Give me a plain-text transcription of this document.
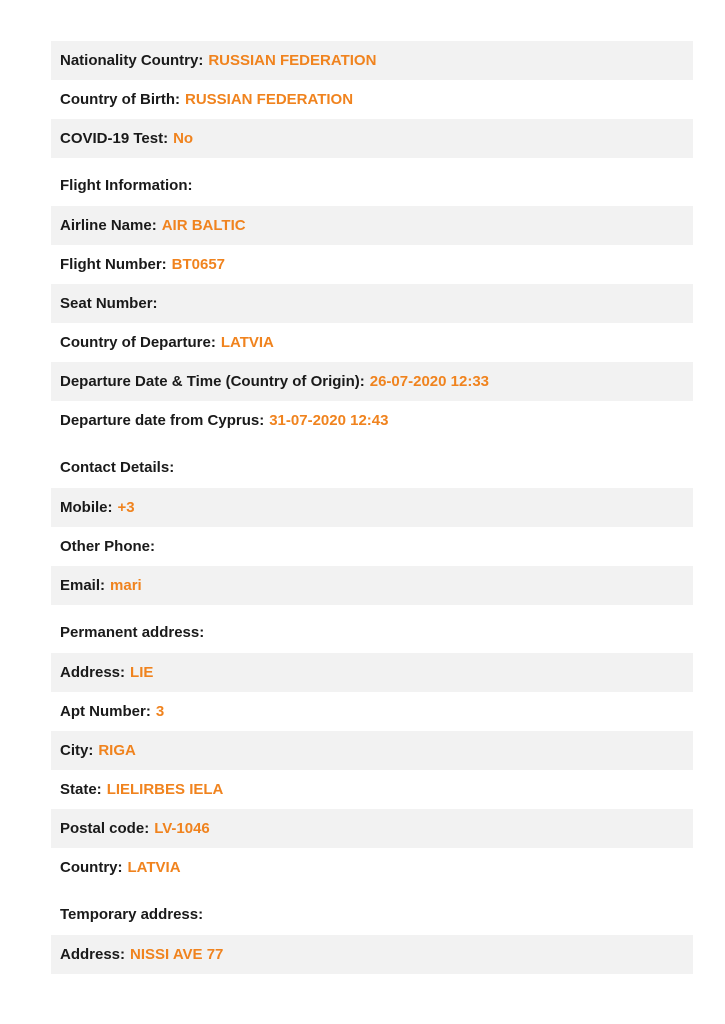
Nationality Country: RUSSIAN FEDERATION
Country of Birth: RUSSIAN FEDERATION
COVID-19 Test: No
Flight Information:
Airline Name: AIR BALTIC
Flight Number: BT0657
Seat Number:
Country of Departure: LATVIA
Departure Date & Time (Country of Origin): 26-07-2020 12:33
Departure date from Cyprus: 31-07-2020 12:43
Contact Details:
Mobile: +3
Other Phone:
Email: mari
Permanent address:
Address: LIE
Apt Number: 3
City: RIGA
State: LIELIRBES IELA
Postal code: LV-1046
Country: LATVIA
Temporary address:
Address: NISSI AVE 77
